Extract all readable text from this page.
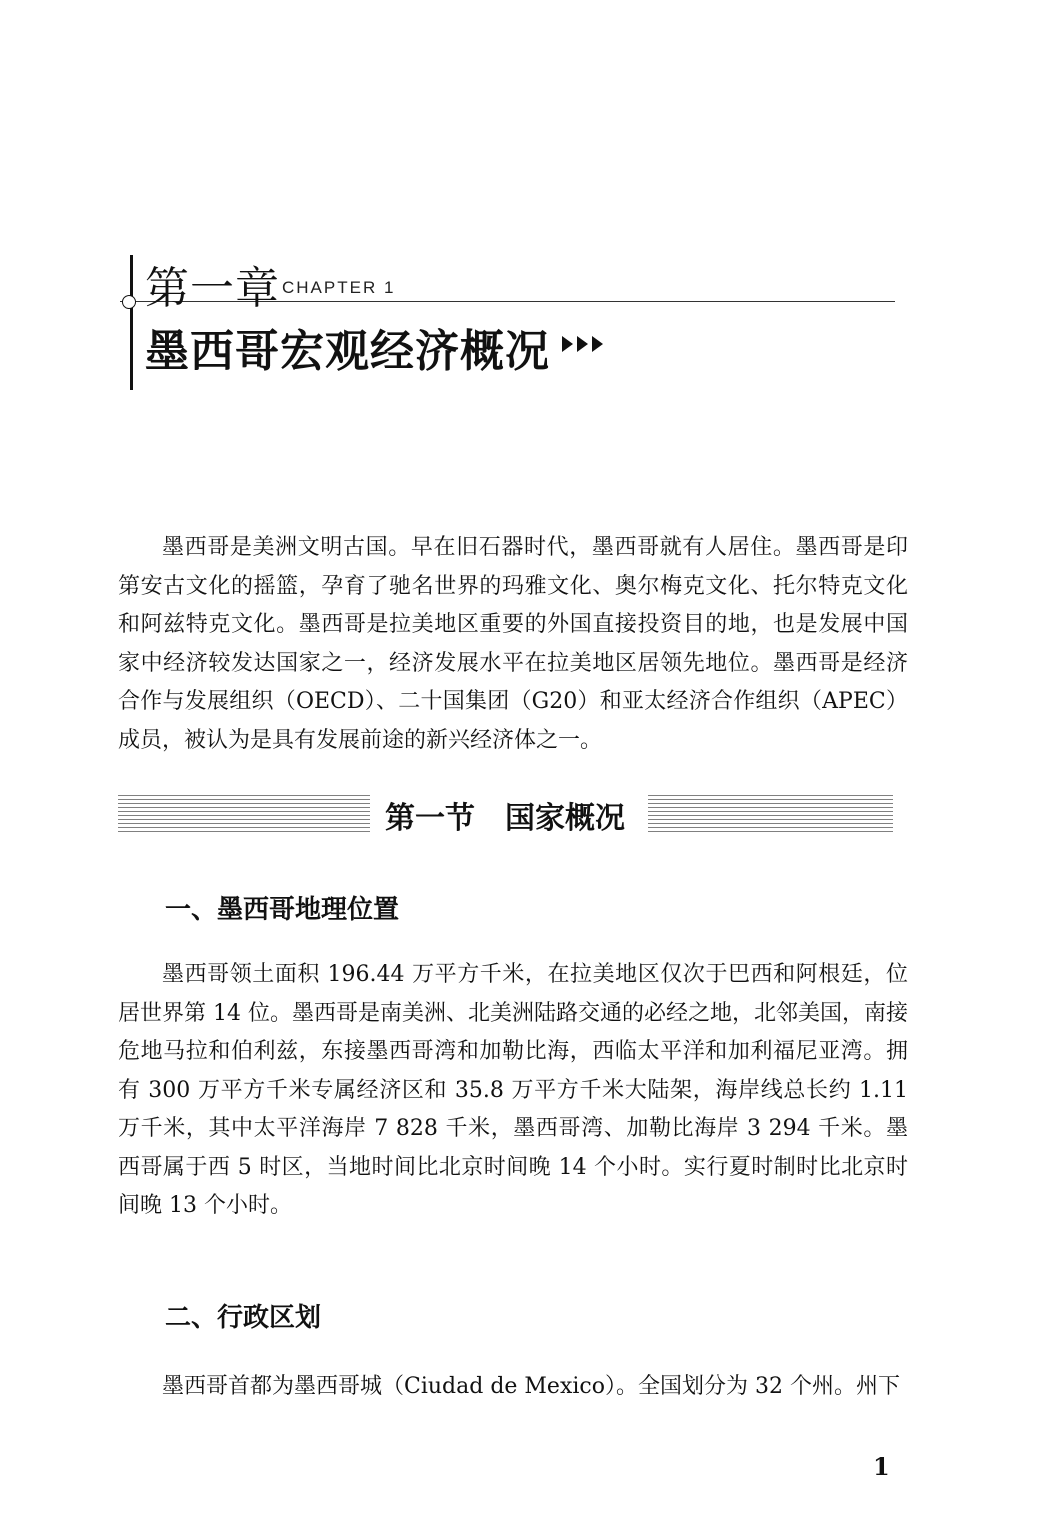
第一章 CHAPTER 1
墨西哥宏观经济概况

墨西哥是美洲文明古国。早在旧石器时代，墨西哥就有人居住。墨西哥是印第安古文化的摇篮，孕育了驰名世界的玛雅文化、奥尔梅克文化、托尔特克文化和阿兹特克文化。墨西哥是拉美地区重要的外国直接投资目的地，也是发展中国家中经济较发达国家之一，经济发展水平在拉美地区居领先地位。墨西哥是经济合作与发展组织（OECD）、二十国集团（G20）和亚太经济合作组织（APEC）成员，被认为是具有发展前途的新兴经济体之一。

第一节　国家概况
一、墨西哥地理位置

墨西哥领土面积 196.44 万平方千米，在拉美地区仅次于巴西和阿根廷，位居世界第 14 位。墨西哥是南美洲、北美洲陆路交通的必经之地，北邻美国，南接危地马拉和伯利兹，东接墨西哥湾和加勒比海，西临太平洋和加利福尼亚湾。拥有 300 万平方千米专属经济区和 35.8 万平方千米大陆架，海岸线总长约 1.11 万千米，其中太平洋海岸 7 828 千米，墨西哥湾、加勒比海岸 3 294 千米。墨西哥属于西 5 时区，当地时间比北京时间晚 14 个小时。实行夏时制时比北京时间晚 13 个小时。

二、行政区划

墨西哥首都为墨西哥城（Ciudad de Mexico）。全国划分为 32 个州。州下

1
